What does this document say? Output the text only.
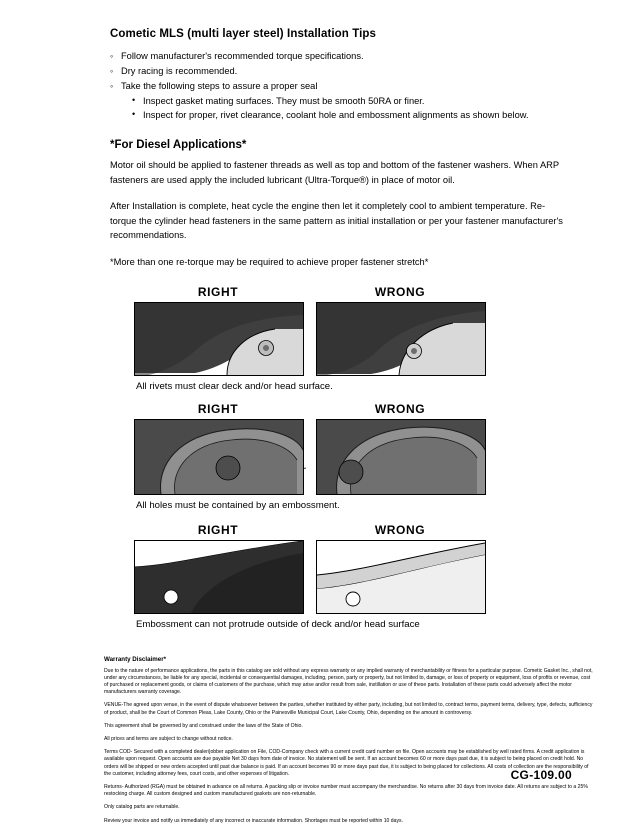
Cometic MLS (multi layer steel) Installation Tips
◦ Follow manufacturer's recommended torque specifications.
◦ Dry racing is recommended.
◦ Take the following steps to assure a proper seal
• Inspect gasket mating surfaces. They must be smooth 50RA or finer.
• Inspect for proper, rivet clearance, coolant hole and embossment alignments as shown below.
*For Diesel Applications*

Motor oil should be applied to fastener threads as well as top and bottom of the fastener washers. When ARP fasteners are used apply the included lubricant (Ultra-Torque®) in place of motor oil.

After Installation is complete, heat cycle the engine then let it completely cool to ambient temperature. Re-torque the cylinder head fasteners in the same pattern as initial installation or per your fastener manufacturer's recommendations.

*More than one re-torque may be required to achieve proper fastener stretch*

RIGHT	WRONG
All rivets must clear deck and/or head surface.
RIGHT	WRONG
All holes must be contained by an embossment.
RIGHT	WRONG
Embossment can not protrude outside of deck and/or head surface
Warranty Disclaimer*

Due to the nature of performance applications, the parts in this catalog are sold without any express warranty or any implied warranty of merchantability or fitness for a particular purpose. Cometic Gasket Inc., shall not, under any circumstances, be liable for any special, incidental or consequential damages, including, person, party or property, but not limited to, damage, or loss of property or equipment, loss of profits or revenue, cost of purchased or replacement goods, or claims of customers of the purchase, which may arise and/or result from sale, instillation or use of these parts. Installation of these parts could adversely affect the motor manufacturers warranty coverage.

VENUE-The agreed upon venue, in the event of dispute whatsoever between the parties, whether instituted by either party, including, but not limited to, contract terms, payment terms, delivery, type, defects, sufficiency of product, shall be the Court of Common Pleas, Lake County, Ohio or the Painesville Municipal Court, Lake County, Ohio, depending on the amount in controversy.

This agreement shall be governed by and construed under the laws of the State of Ohio.

All prices and terms are subject to change without notice.

Terms COD- Secured with a completed dealer/jobber application on File, COD-Company check with a current credit card number on file. Open accounts may be established by well rated firms. A credit application is available upon request. Open accounts are due payable Net 30 days from date of invoice. No statement will be sent. If an account becomes 60 or more days past due, it is subject to being placed on credit hold. No orders will be shipped or new orders accepted until past due balance is paid. If an account becomes 90 or more days past due, it is subject to being placed for collections. All costs of collection are the responsibility of the customer, including attorney fees, court costs, and other expenses of litigation.

Returns- Authorized (RGA) must be obtained in advance on all returns. A packing slip or invoice number must accompany the merchandise. No returns after 30 days from invoice date. All returns are subject to a 25% restocking charge. All custom designed and custom manufactured gaskets are non-returnable.

Only catalog parts are returnable.

Review your invoice and notify us immediately of any incorrect or inaccurate information. Shortages must be reported within 10 days.

CG-109.00
